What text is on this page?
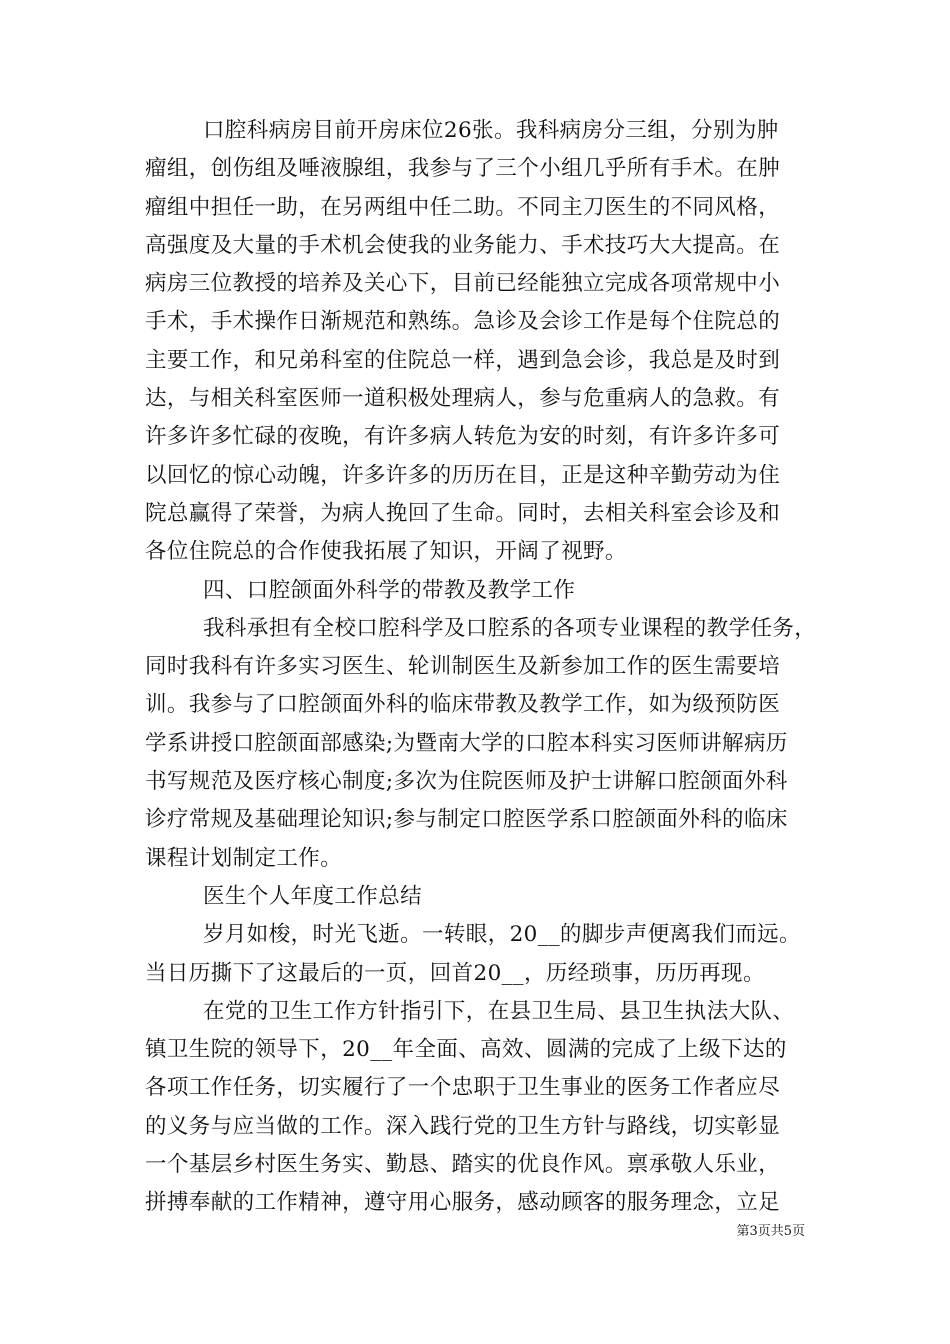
口腔科病房目前开房床位26张。我科病房分三组，分别为肿
瘤组，创伤组及唾液腺组，我参与了三个小组几乎所有手术。在肿
瘤组中担任一助，在另两组中任二助。不同主刀医生的不同风格，
高强度及大量的手术机会使我的业务能力、手术技巧大大提高。在
病房三位教授的培养及关心下，目前已经能独立完成各项常规中小
手术，手术操作日渐规范和熟练。急诊及会诊工作是每个住院总的
主要工作，和兄弟科室的住院总一样，遇到急会诊，我总是及时到
达，与相关科室医师一道积极处理病人，参与危重病人的急救。有
许多许多忙碌的夜晚，有许多病人转危为安的时刻，有许多许多可
以回忆的惊心动魄，许多许多的历历在目，正是这种辛勤劳动为住
院总赢得了荣誉，为病人挽回了生命。同时，去相关科室会诊及和
各位住院总的合作使我拓展了知识，开阔了视野。
四、口腔颌面外科学的带教及教学工作
我科承担有全校口腔科学及口腔系的各项专业课程的教学任务，
同时我科有许多实习医生、轮训制医生及新参加工作的医生需要培
训。我参与了口腔颌面外科的临床带教及教学工作，如为级预防医
学系讲授口腔颌面部感染;为暨南大学的口腔本科实习医师讲解病历
书写规范及医疗核心制度;多次为住院医师及护士讲解口腔颌面外科
诊疗常规及基础理论知识;参与制定口腔医学系口腔颌面外科的临床
课程计划制定工作。
医生个人年度工作总结
岁月如梭，时光飞逝。一转眼，20__的脚步声便离我们而远。
当日历撕下了这最后的一页，回首20__，历经琐事，历历再现。
在党的卫生工作方针指引下，在县卫生局、县卫生执法大队、
镇卫生院的领导下，20__年全面、高效、圆满的完成了上级下达的
各项工作任务，切实履行了一个忠职于卫生事业的医务工作者应尽
的义务与应当做的工作。深入践行党的卫生方针与路线，切实彰显
一个基层乡村医生务实、勤恳、踏实的优良作风。禀承敬人乐业，
拼搏奉献的工作精神，遵守用心服务，感动顾客的服务理念，立足
第3页共5页
